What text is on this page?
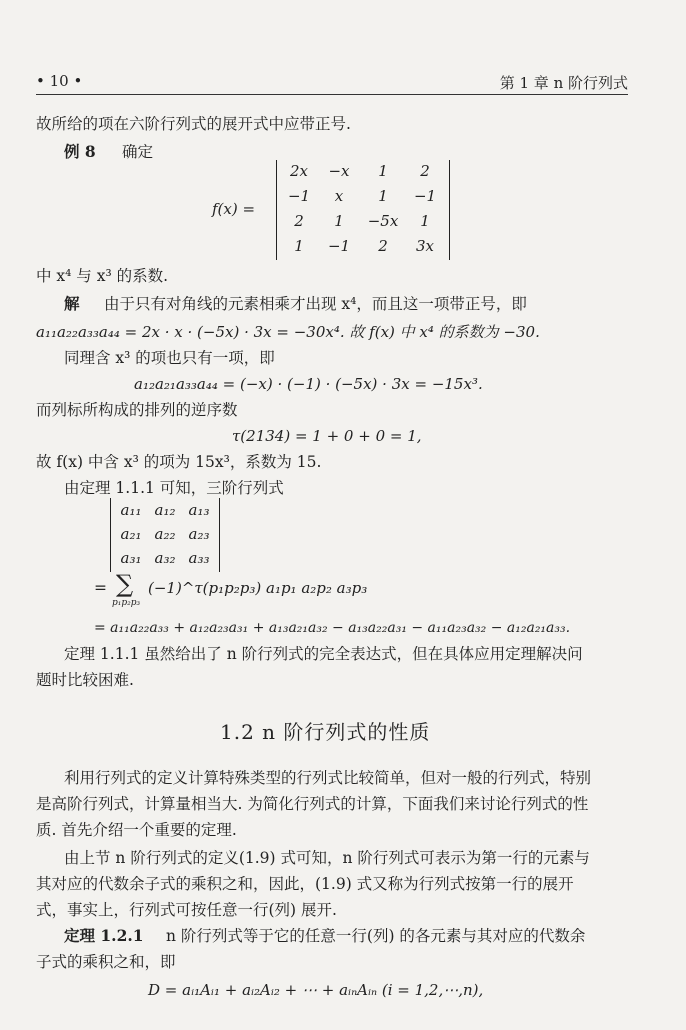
• 10 •	第 1 章 n 阶行列式
故所给的项在六阶行列式的展开式中应带正号.
例 8 确定
f(x) =
2x	−x	1	2
−1	x	1	−1
2	1	−5x	1
1	−1	2	3x
中 x⁴ 与 x³ 的系数.
解 由于只有对角线的元素相乘才出现 x⁴，而且这一项带正号，即
a₁₁a₂₂a₃₃a₄₄ = 2x · x · (−5x) · 3x = −30x⁴. 故 f(x) 中 x⁴ 的系数为 −30.
同理含 x³ 的项也只有一项，即
a₁₂a₂₁a₃₃a₄₄ = (−x) · (−1) · (−5x) · 3x = −15x³.
而列标所构成的排列的逆序数
τ(2134) = 1 + 0 + 0 = 1,
故 f(x) 中含 x³ 的项为 15x³，系数为 15.
由定理 1.1.1 可知，三阶行列式
a₁₁ a₁₂ a₁₃
a₂₁ a₂₂ a₂₃
a₃₁ a₃₂ a₃₃
= ∑
p₁p₂p₃
(−1)^τ(p₁p₂p₃) a₁p₁ a₂p₂ a₃p₃
= a₁₁a₂₂a₃₃ + a₁₂a₂₃a₃₁ + a₁₃a₂₁a₃₂ − a₁₃a₂₂a₃₁ − a₁₁a₂₃a₃₂ − a₁₂a₂₁a₃₃.
定理 1.1.1 虽然给出了 n 阶行列式的完全表达式，但在具体应用定理解决问
题时比较困难.
1.2 n 阶行列式的性质
利用行列式的定义计算特殊类型的行列式比较简单，但对一般的行列式，特别
是高阶行列式，计算量相当大. 为简化行列式的计算，下面我们来讨论行列式的性
质. 首先介绍一个重要的定理.
由上节 n 阶行列式的定义(1.9) 式可知，n 阶行列式可表示为第一行的元素与
其对应的代数余子式的乘积之和，因此，(1.9) 式又称为行列式按第一行的展开
式，事实上，行列式可按任意一行(列) 展开.
定理 1.2.1 n 阶行列式等于它的任意一行(列) 的各元素与其对应的代数余
子式的乘积之和，即
D = aᵢ₁Aᵢ₁ + aᵢ₂Aᵢ₂ + ⋯ + aᵢₙAᵢₙ (i = 1,2,⋯,n),
